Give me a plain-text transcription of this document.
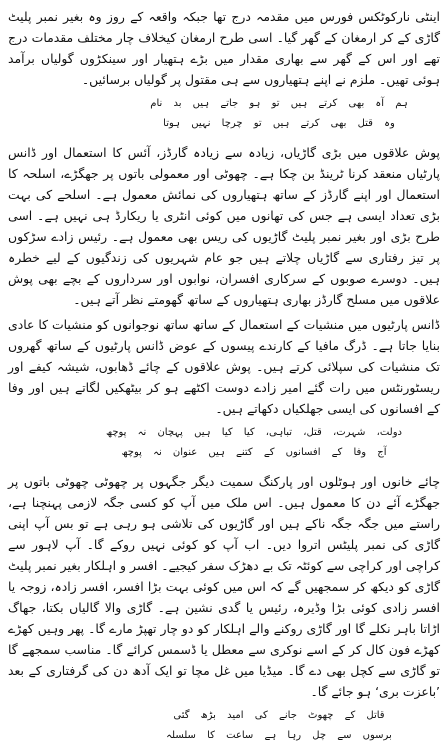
اینٹی نارکوٹکس فورس میں مقدمہ درج تھا جبکہ واقعہ کے روز وہ بغیر نمبر پلیٹ گاڑی کے کر ارمغان کے گھر گیا۔ اسی طرح ارمغان کیخلاف چار مختلف مقدمات درج تھے اور اس کے گھر سے بھاری مقدار میں بڑے ہتھیار اور سینکڑوں گولیاں برآمد ہوئی تھیں۔ ملزم نے اپنے ہتھیاروں سے ہی مقتول پر گولیاں برسائیں۔

ہم آہ بھی کرتے ہیں تو ہو جاتے ہیں بد نام
وہ قتل بھی کرتے ہیں تو چرچا نہیں ہوتا

پوش علاقوں میں بڑی گاڑیاں، زیادہ سے زیادہ گارڈز، آئس کا استعمال اور ڈانس پارٹیاں منعقد کرنا ٹرینڈ بن چکا ہے۔ چھوٹی اور معمولی باتوں پر جھگڑے، اسلحہ کا استعمال اور اپنے گارڈز کے ساتھ ہتھیاروں کی نمائش معمول ہے۔ اسلحے کی بہت بڑی تعداد ایسی ہے جس کی تھانوں میں کوئی انٹری یا ریکارڈ ہی نہیں ہے۔ اسی طرح بڑی اور بغیر نمبر پلیٹ گاڑیوں کی ریس بھی معمول ہے۔ رئیس زادے سڑکوں پر تیز رفتاری سے گاڑیاں چلاتے ہیں جو عام شہریوں کی زندگیوں کے لیے خطرہ ہیں۔ دوسرے صوبوں کے سرکاری افسران، نوابوں اور سرداروں کے بچے بھی پوش علاقوں میں مسلح گارڈز بھاری ہتھیاروں کے ساتھ گھومتے نظر آتے ہیں۔

ڈانس پارٹیوں میں منشیات کے استعمال کے ساتھ ساتھ نوجوانوں کو منشیات کا عادی بنایا جاتا ہے۔ ڈرگ مافیا کے کارندے پیسوں کے عوض ڈانس پارٹیوں کے ساتھ گھروں تک منشیات کی سپلائی کرتے ہیں۔ پوش علاقوں کے چائے ڈھابوں، شیشہ کیفے اور ریسٹورنٹس میں رات گئے امیر زادے دوست اکٹھے ہو کر بیٹھکیں لگاتے ہیں اور وفا کے افسانوں کی ایسی جھلکیاں دکھاتے ہیں۔

دولت، شہرت، قتل، تباہی، کیا کیا ہیں پہچان نہ پوچھ
آج وفا کے افسانوں کے کتنے ہیں عنوان نہ پوچھ

چائے خانوں اور ہوٹلوں اور پارکنگ سمیت دیگر جگہوں پر چھوٹی چھوٹی باتوں پر جھگڑے آئے دن کا معمول ہیں۔ اس ملک میں آپ کو کسی جگہ لازمی پہنچنا ہے، راستے میں جگہ جگہ ناکے ہیں اور گاڑیوں کی تلاشی ہو رہی ہے تو بس آپ اپنی گاڑی کی نمبر پلیٹس اتروا دیں۔ اب آپ کو کوئی نہیں روکے گا۔ آپ لاہور سے کراچی اور کراچی سے کوئٹہ تک بے دھڑک سفر کیجیے۔ افسر و اہلکار بغیر نمبر پلیٹ گاڑی کو دیکھ کر سمجھیں گے کہ اس میں کوئی بہت بڑا افسر، افسر زادہ، زوجہ یا افسر زادی کوئی بڑا وڈیرہ، رئیس یا گدی نشین ہے۔ گاڑی والا گالیاں بکتا، جھاگ اڑاتا باہر نکلے گا اور گاڑی روکنے والے اہلکار کو دو چار تھپڑ مارے گا۔ پھر وہیں کھڑے کھڑے فون کال کر کے اسے نوکری سے معطل یا ڈسمس کرائے گا۔ مناسب سمجھے گا تو گاڑی سے کچل بھی دے گا۔ میڈیا میں غل مچا تو ایک آدھ دن کی گرفتاری کے بعد ’باعزت بری‘ ہو جائے گا۔

قاتل کے چھوٹ جانے کی امید بڑھ گئی
برسوں سے چل رہا ہے ساعت کا سلسلہ
